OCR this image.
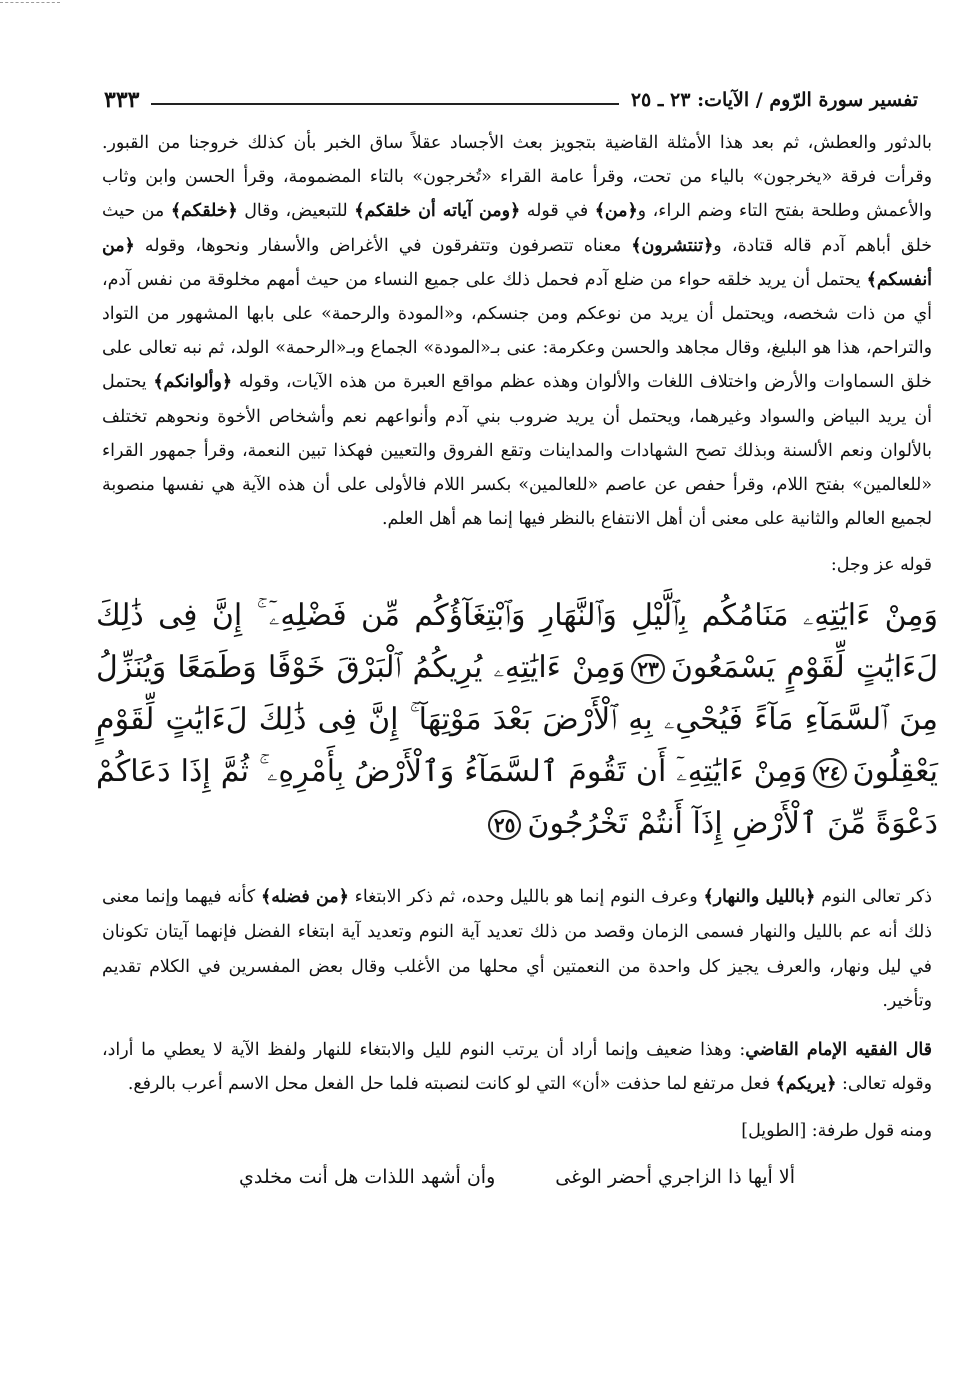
تفسير سورة الرّوم / الآيات: ٢٣ ـ ٢٥
٣٣٣

بالدثور والعطش، ثم بعد هذا الأمثلة القاضية بتجويز بعث الأجساد عقلاً ساق الخبر بأن كذلك خروجنا من القبور. وقرأت فرقة «يخرجون» بالياء من تحت، وقرأ عامة القراء «تُخرجون» بالتاء المضمومة، وقرأ الحسن وابن وثاب والأعمش وطلحة بفتح التاء وضم الراء، و﴿من﴾ في قوله ﴿ومن آياته أن خلقكم﴾ للتبعيض، وقال ﴿خلقكم﴾ من حيث خلق أباهم آدم قاله قتادة، و﴿تنتشرون﴾ معناه تتصرفون وتتفرقون في الأغراض والأسفار ونحوها، وقوله ﴿من أنفسكم﴾ يحتمل أن يريد خلقه حواء من ضلع آدم فحمل ذلك على جميع النساء من حيث أمهم مخلوقة من نفس آدم، أي من ذات شخصه، ويحتمل أن يريد من نوعكم ومن جنسكم، و«المودة والرحمة» على بابها المشهور من التواد والتراحم، هذا هو البليغ، وقال مجاهد والحسن وعكرمة: عنى بـ«المودة» الجماع وبـ«الرحمة» الولد، ثم نبه تعالى على خلق السماوات والأرض واختلاف اللغات والألوان وهذه عظم مواقع العبرة من هذه الآيات، وقوله ﴿وألوانكم﴾ يحتمل أن يريد البياض والسواد وغيرهما، ويحتمل أن يريد ضروب بني آدم وأنواعهم نعم وأشخاص الأخوة ونحوهم تختلف بالألوان ونعم الألسنة وبذلك تصح الشهادات والمداينات وتقع الفروق والتعيين فهكذا تبين النعمة، وقرأ جمهور القراء «للعالمين» بفتح اللام، وقرأ حفص عن عاصم «للعالمين» بكسر اللام فالأولى على أن هذه الآية هي نفسها منصوبة لجميع العالم والثانية على معنى أن أهل الانتفاع بالنظر فيها إنما هم أهل العلم.

قوله عز وجل:

وَمِنْ ءَايَٰتِهِۦ مَنَامُكُم بِٱلَّيْلِ وَٱلنَّهَارِ وَٱبْتِغَآؤُكُم مِّن فَضْلِهِۦٓ ۚ إِنَّ فِى ذَٰلِكَ لَءَايَٰتٍ لِّقَوْمٍ يَسْمَعُونَ٢٣وَمِنْ ءَايَٰتِهِۦ يُرِيكُمُ ٱلْبَرْقَ خَوْفًا وَطَمَعًا وَيُنَزِّلُ مِنَ ٱلسَّمَآءِ مَآءً فَيُحْىِۦ بِهِ ٱلْأَرْضَ بَعْدَ مَوْتِهَآ ۚ إِنَّ فِى ذَٰلِكَ لَءَايَٰتٍ لِّقَوْمٍ يَعْقِلُونَ٢٤وَمِنْ ءَايَٰتِهِۦٓ أَن تَقُومَ ٱلسَّمَآءُ وَٱلْأَرْضُ بِأَمْرِهِۦ ۚ ثُمَّ إِذَا دَعَاكُمْ دَعْوَةً مِّنَ ٱلْأَرْضِ إِذَآ أَنتُمْ تَخْرُجُونَ٢٥

ذكر تعالى النوم ﴿بالليل والنهار﴾ وعرف النوم إنما هو بالليل وحده، ثم ذكر الابتغاء ﴿من فضله﴾ كأنه فيهما وإنما معنى ذلك أنه عم بالليل والنهار فسمى الزمان وقصد من ذلك تعديد آية النوم وتعديد آية ابتغاء الفضل فإنهما آيتان تكونان في ليل ونهار، والعرف يجيز كل واحدة من النعمتين أي محلها من الأغلب وقال بعض المفسرين في الكلام تقديم وتأخير.

قال الفقيه الإمام القاضي: وهذا ضعيف وإنما أراد أن يرتب النوم لليل والابتغاء للنهار ولفظ الآية لا يعطي ما أراد، وقوله تعالى: ﴿يريكم﴾ فعل مرتفع لما حذفت «أن» التي لو كانت لنصبته فلما حل الفعل محل الاسم أعرب بالرفع.

ومنه قول طرفة: [الطويل]

ألا أيها ذا الزاجري أحضر الوغى
وأن أشهد اللذات هل أنت مخلدي
